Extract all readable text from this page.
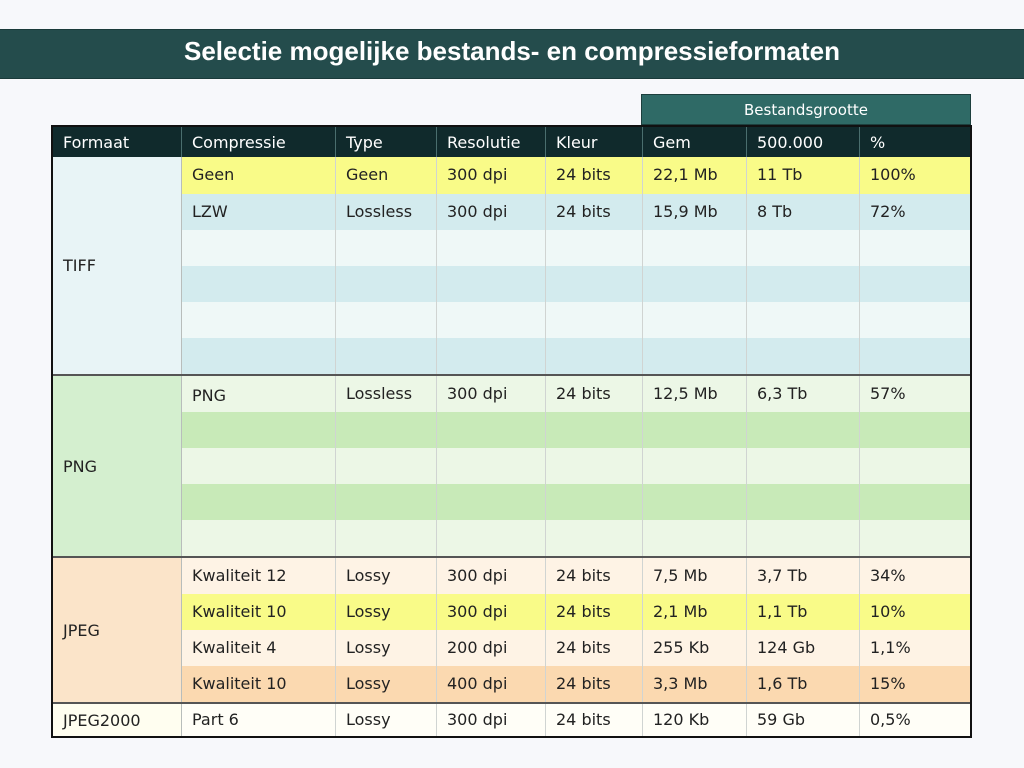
Selectie mogelijke bestands- en compressieformaten
Bestandsgrootte
Formaat	Compressie	Type	Resolutie	Kleur	Gem	500.000	%
TIFF
Geen	Geen	300 dpi	24 bits	22,1 Mb	11 Tb	100%
LZW	Lossless	300 dpi	24 bits	15,9 Mb	8 Tb	72%
PNG
PNG	Lossless	300 dpi	24 bits	12,5 Mb	6,3 Tb	57%
JPEG
Kwaliteit 12	Lossy	300 dpi	24 bits	7,5 Mb	3,7 Tb	34%
Kwaliteit 10	Lossy	300 dpi	24 bits	2,1 Mb	1,1 Tb	10%
Kwaliteit 4	Lossy	200 dpi	24 bits	255 Kb	124 Gb	1,1%
Kwaliteit 10	Lossy	400 dpi	24 bits	3,3 Mb	1,6 Tb	15%
JPEG2000	Part 6	Lossy	300 dpi	24 bits	120 Kb	59 Gb	0,5%
